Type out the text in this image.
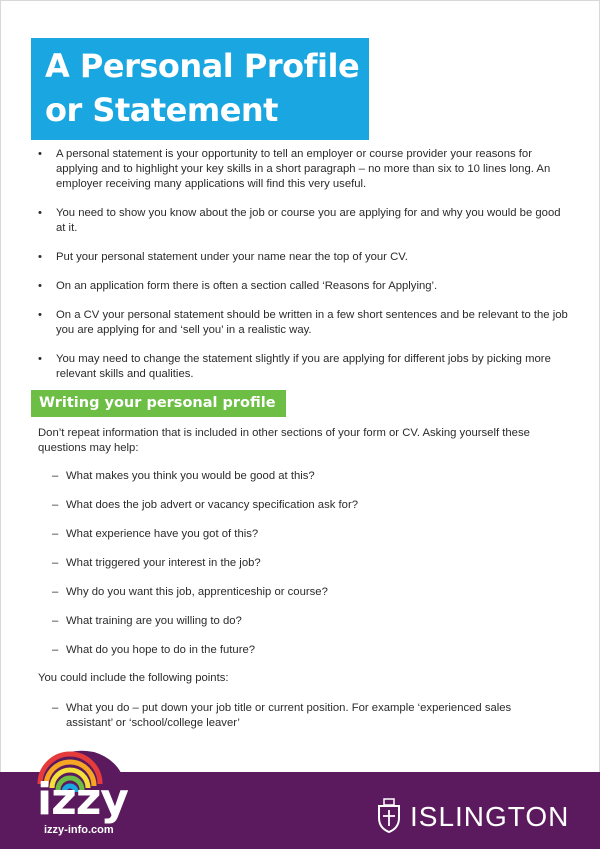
A Personal Profile
or Statement
• A personal statement is your opportunity to tell an employer or course provider your reasons for applying and to highlight your key skills in a short paragraph – no more than six to 10 lines long. An employer receiving many applications will find this very useful.
• You need to show you know about the job or course you are applying for and why you would be good at it.
• Put your personal statement under your name near the top of your CV.
• On an application form there is often a section called ‘Reasons for Applying’.
• On a CV your personal statement should be written in a few short sentences and be relevant to the job you are applying for and ‘sell you’ in a realistic way.
• You may need to change the statement slightly if you are applying for different jobs by picking more relevant skills and qualities.
Writing your personal profile

Don’t repeat information that is included in other sections of your form or CV. Asking yourself these questions may help:

– What makes you think you would be good at this?
– What does the job advert or vacancy specification ask for?
– What experience have you got of this?
– What triggered your interest in the job?
– Why do you want this job, apprenticeship or course?
– What training are you willing to do?
– What do you hope to do in the future?

You could include the following points:

– What you do – put down your job title or current position. For example ‘experienced sales assistant’ or ‘school/college leaver’
izzy
izzy-info.com	ISLINGTON
